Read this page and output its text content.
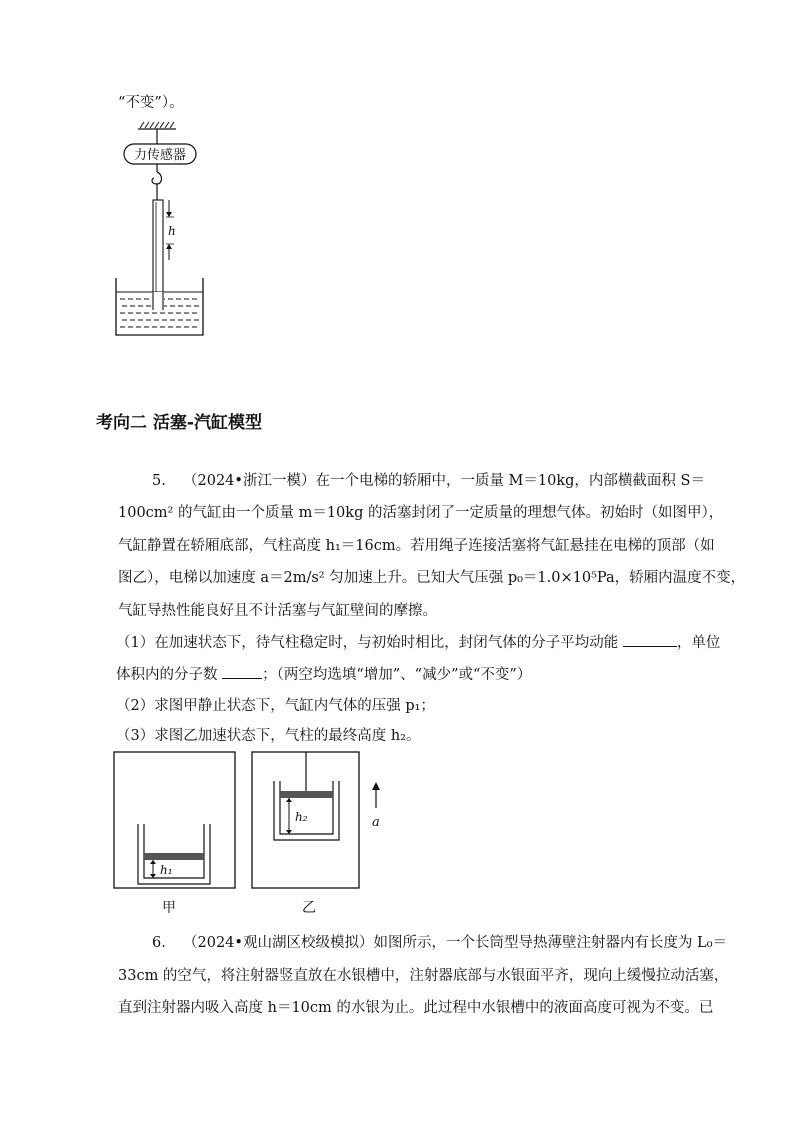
“不变”）。
力传感器
h
考向二 活塞-汽缸模型
5. （2024•浙江一模）在一个电梯的轿厢中，一质量 M＝10kg，内部横截面积 S＝
100cm² 的气缸由一个质量 m＝10kg 的活塞封闭了一定质量的理想气体。初始时（如图甲），
气缸静置在轿厢底部，气柱高度 h₁＝16cm。若用绳子连接活塞将气缸悬挂在电梯的顶部（如
图乙），电梯以加速度 a＝2m/s² 匀加速上升。已知大气压强 p₀＝1.0×10⁵Pa，轿厢内温度不变，
气缸导热性能良好且不计活塞与气缸壁间的摩擦。
（1）在加速状态下，待气柱稳定时，与初始时相比，封闭气体的分子平均动能	，单位
体积内的分子数	；（两空均选填“增加”、“减少”或“不变”）
（2）求图甲静止状态下，气缸内气体的压强 p₁；
（3）求图乙加速状态下，气柱的最终高度 h₂。
h₁
甲
h₂
乙
a
6. （2024•观山湖区校级模拟）如图所示，一个长筒型导热薄壁注射器内有长度为 L₀＝
33cm 的空气，将注射器竖直放在水银槽中，注射器底部与水银面平齐，现向上缓慢拉动活塞，
直到注射器内吸入高度 h＝10cm 的水银为止。此过程中水银槽中的液面高度可视为不变。已
